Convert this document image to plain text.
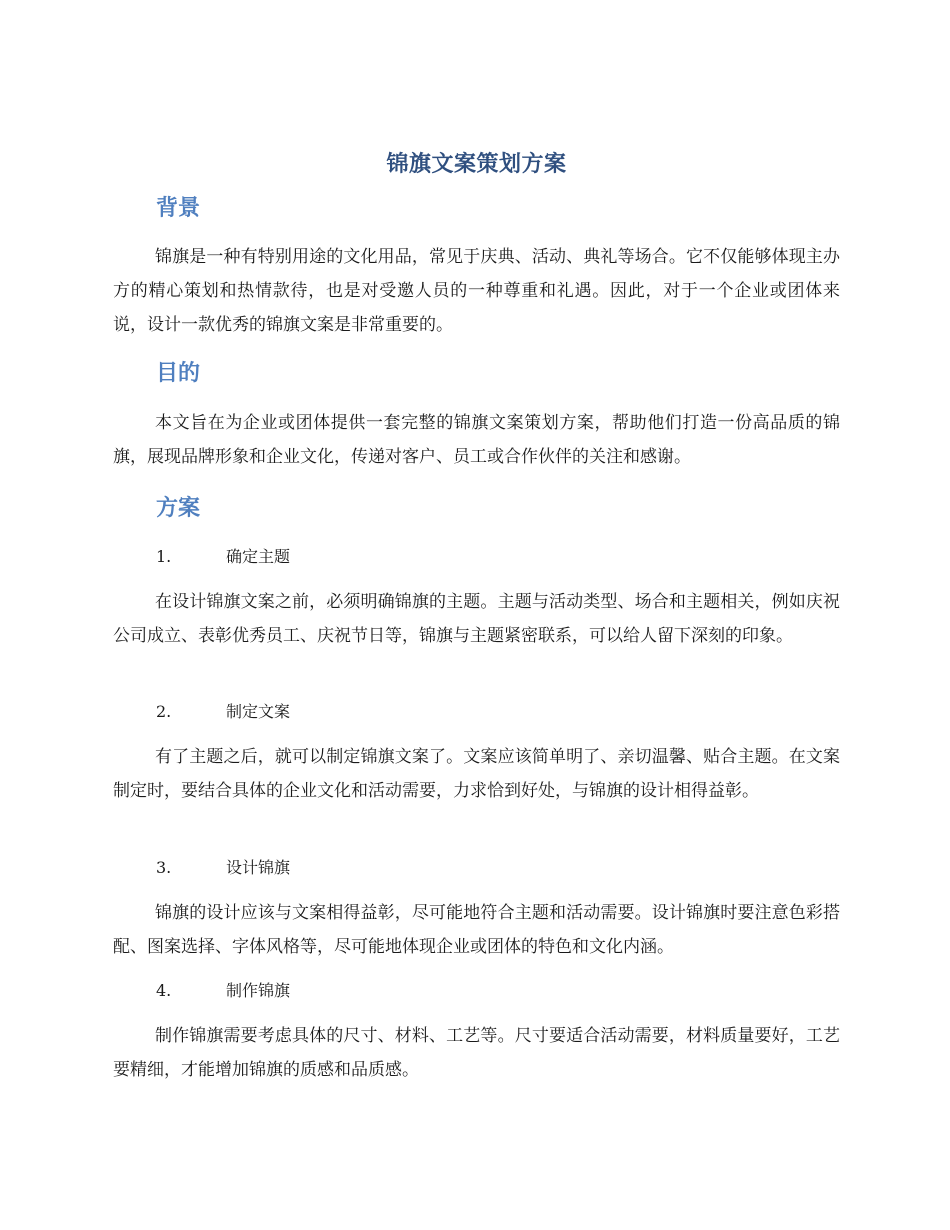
锦旗文案策划方案
背景
锦旗是一种有特别用途的文化用品，常见于庆典、活动、典礼等场合。它不仅能够体现主办方的精心策划和热情款待，也是对受邀人员的一种尊重和礼遇。因此，对于一个企业或团体来说，设计一款优秀的锦旗文案是非常重要的。
目的
本文旨在为企业或团体提供一套完整的锦旗文案策划方案，帮助他们打造一份高品质的锦旗，展现品牌形象和企业文化，传递对客户、员工或合作伙伴的关注和感谢。
方案
1.	确定主题
在设计锦旗文案之前，必须明确锦旗的主题。主题与活动类型、场合和主题相关，例如庆祝公司成立、表彰优秀员工、庆祝节日等，锦旗与主题紧密联系，可以给人留下深刻的印象。
2.	制定文案
有了主题之后，就可以制定锦旗文案了。文案应该简单明了、亲切温馨、贴合主题。在文案制定时，要结合具体的企业文化和活动需要，力求恰到好处，与锦旗的设计相得益彰。
3.	设计锦旗
锦旗的设计应该与文案相得益彰，尽可能地符合主题和活动需要。设计锦旗时要注意色彩搭配、图案选择、字体风格等，尽可能地体现企业或团体的特色和文化内涵。
4.	制作锦旗
制作锦旗需要考虑具体的尺寸、材料、工艺等。尺寸要适合活动需要，材料质量要好，工艺要精细，才能增加锦旗的质感和品质感。
